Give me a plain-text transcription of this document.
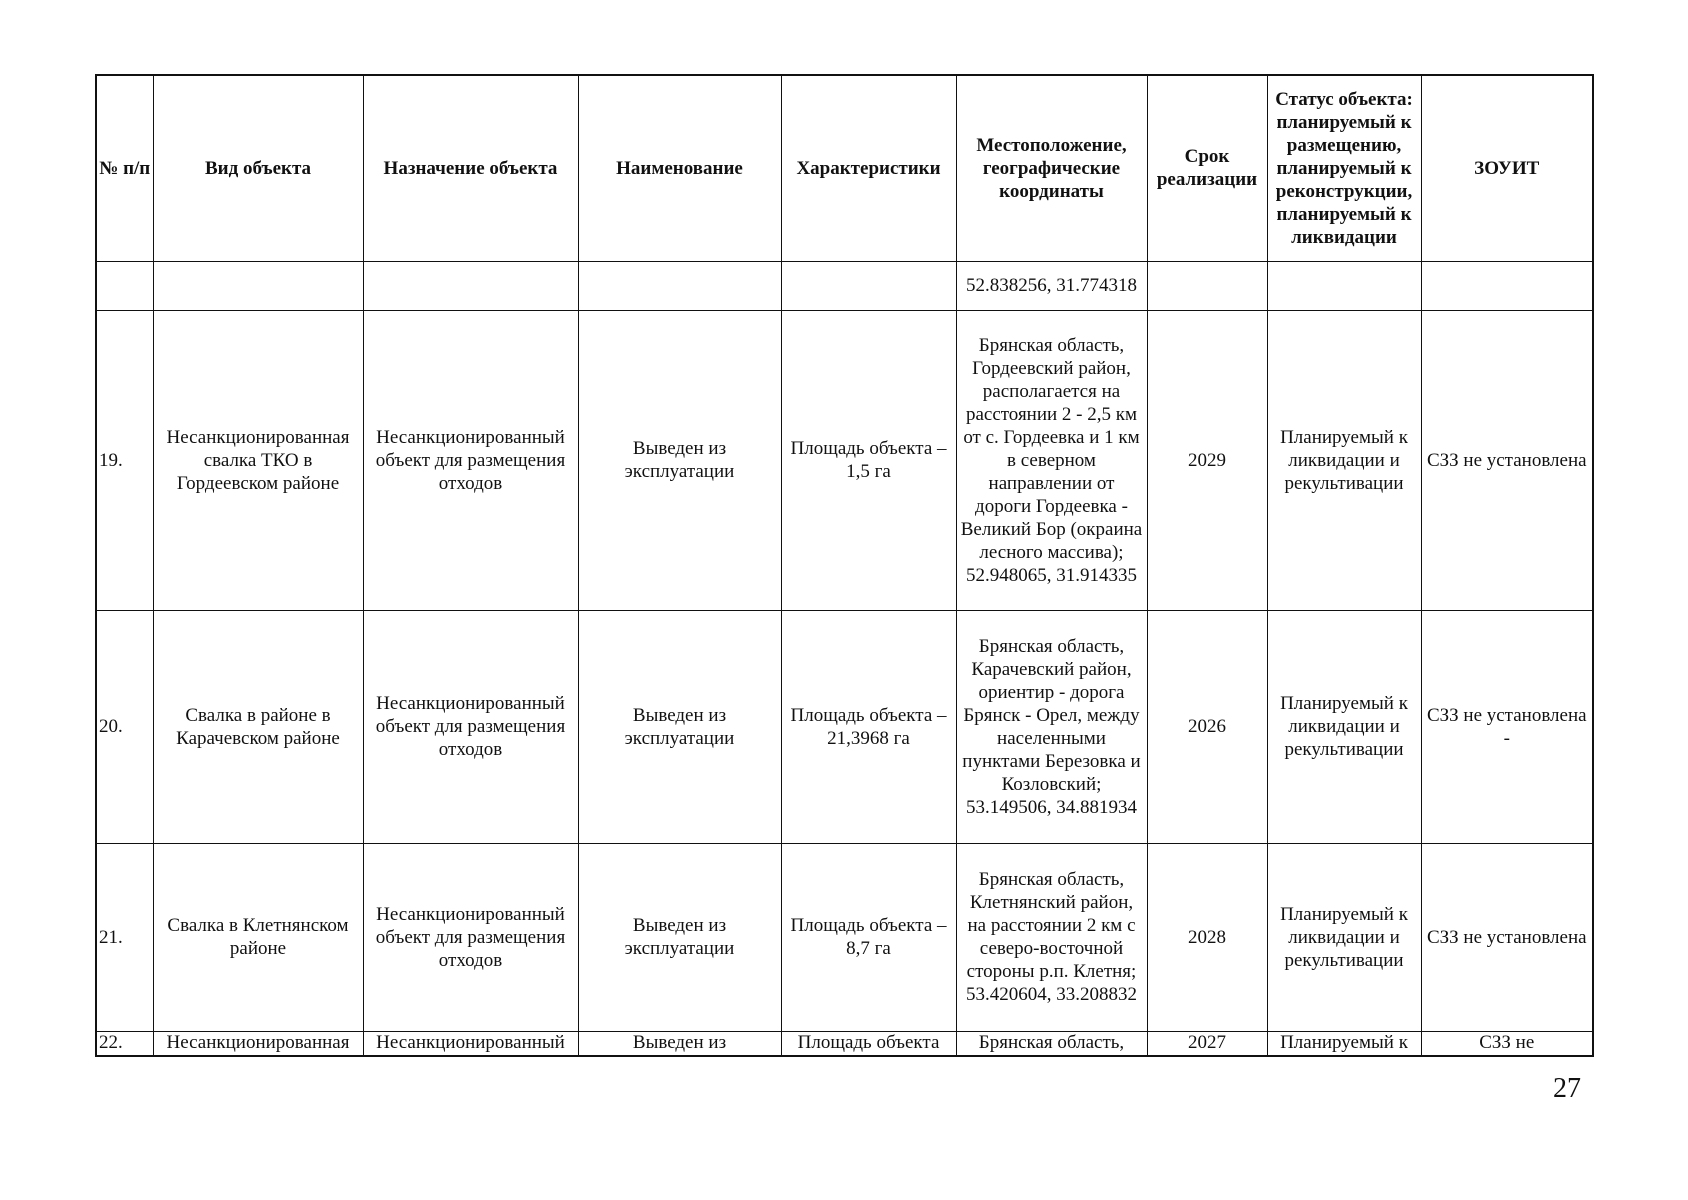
№ п/п	Вид объекта	Назначение объекта	Наименование	Характеристики	Местоположение, географические координаты	Срок реализации	Статус объекта: планируемый к размещению, планируемый к реконструкции, планируемый к ликвидации	ЗОУИТ
					52.838256, 31.774318			
19.	Несанкционированная свалка ТКО в Гордеевском районе	Несанкционированный объект для размещения отходов	Выведен из эксплуатации	Площадь объекта – 1,5 га	Брянская область, Гордеевский район, располагается на расстоянии 2 - 2,5 км от с. Гордеевка и 1 км в северном направлении от дороги Гордеевка - Великий Бор (окраина лесного массива); 52.948065, 31.914335	2029	Планируемый к ликвидации и рекультивации	СЗЗ не установлена
20.	Свалка в районе в Карачевском районе	Несанкционированный объект для размещения отходов	Выведен из эксплуатации	Площадь объекта – 21,3968 га	Брянская область, Карачевский район, ориентир - дорога Брянск - Орел, между населенными пунктами Березовка и Козловский; 53.149506, 34.881934	2026	Планируемый к ликвидации и рекультивации	СЗЗ не установлена -
21.	Свалка в Клетнянском районе	Несанкционированный объект для размещения отходов	Выведен из эксплуатации	Площадь объекта – 8,7 га	Брянская область, Клетнянский район, на расстоянии 2 км с северо-восточной стороны р.п. Клетня; 53.420604, 33.208832	2028	Планируемый к ликвидации и рекультивации	СЗЗ не установлена
22.	Несанкционированная	Несанкционированный	Выведен из	Площадь объекта	Брянская область,	2027	Планируемый к	СЗЗ не
27
